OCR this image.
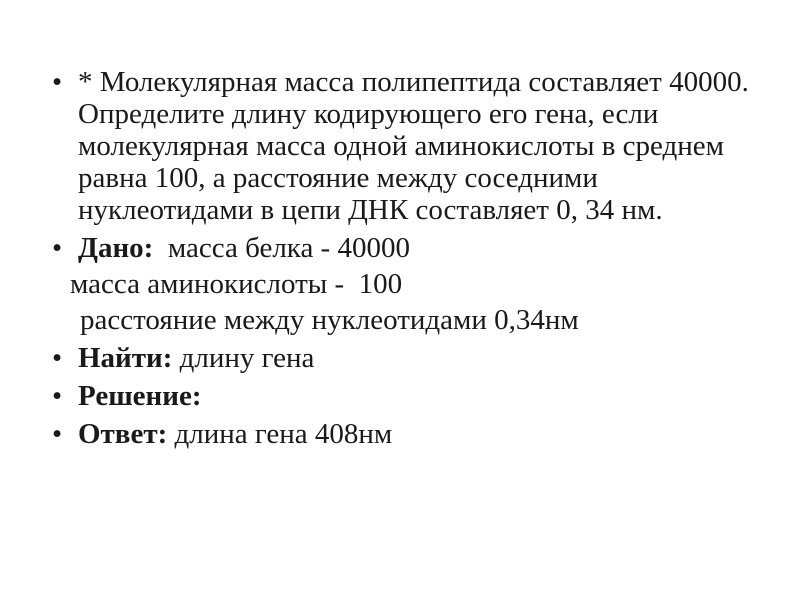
• * Молекулярная масса полипептида составляет 40000. Определите длину кодирующего его гена, если молекулярная масса одной аминокислоты в среднем равна 100, а расстояние между соседними нуклеотидами в цепи ДНК составляет 0, 34 нм.
• Дано:  масса белка - 40000
масса аминокислоты -  100
расстояние между нуклеотидами 0,34нм
• Найти: длину гена
• Решение:
• Ответ: длина гена 408нм
